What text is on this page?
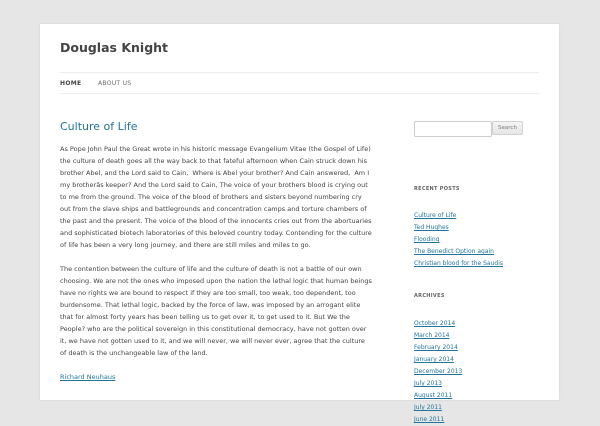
Douglas Knight
HOME	ABOUT US
Culture of Life

As Pope John Paul the Great wrote in his historic message Evangelium Vitae (the Gospel of Life) the culture of death goes all the way back to that fateful afternoon when Cain struck down his brother Abel, and the Lord said to Cain,  Where is Abel your brother? And Cain answered,  Am I my brotherâs keeper? And the Lord said to Cain, The voice of your brothers blood is crying out to me from the ground. The voice of the blood of brothers and sisters beyond numbering cry out from the slave ships and battlegrounds and concentration camps and torture chambers of the past and the present. The voice of the blood of the innocents cries out from the abortuaries and sophisticated biotech laboratories of this beloved country today. Contending for the culture of life has been a very long journey, and there are still miles and miles to go.

The contention between the culture of life and the culture of death is not a battle of our own choosing. We are not the ones who imposed upon the nation the lethal logic that human beings have no rights we are bound to respect if they are too small, too weak, too dependent, too burdensome. That lethal logic, backed by the force of law, was imposed by an arrogant elite that for almost forty years has been telling us to get over it, to get used to it. But We the People? who are the political sovereign in this constitutional democracy, have not gotten over it, we have not gotten used to it, and we will never, we will never ever, agree that the culture of death is the unchangeable law of the land.

Richard Neuhaus

Search
RECENT POSTS
Culture of Life
Ted Hughes
Flooding
The Benedict Option again
Christian blood for the Saudis
ARCHIVES
October 2014
March 2014
February 2014
January 2014
December 2013
July 2013
August 2011
July 2011
June 2011
